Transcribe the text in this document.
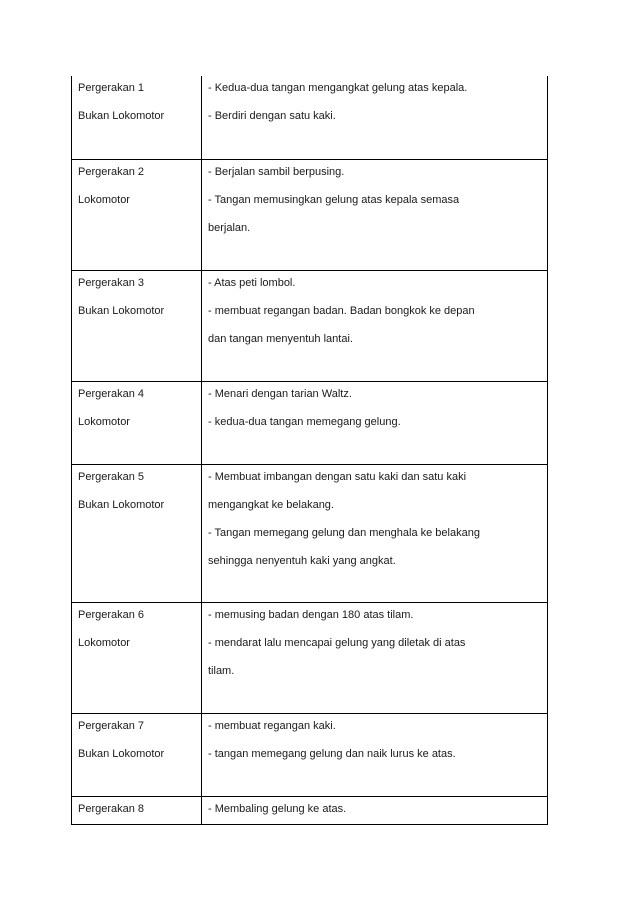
Pergerakan 1
Bukan Lokomotor
- Kedua-dua tangan mengangkat gelung atas kepala.
- Berdiri dengan satu kaki.
Pergerakan 2
Lokomotor
- Berjalan sambil berpusing.
- Tangan memusingkan gelung atas kepala semasa
berjalan.
Pergerakan 3
Bukan Lokomotor
- Atas peti lombol.
- membuat regangan badan. Badan bongkok ke depan
dan tangan menyentuh lantai.
Pergerakan 4
Lokomotor
- Menari dengan tarian Waltz.
- kedua-dua tangan memegang gelung.
Pergerakan 5
Bukan Lokomotor
- Membuat imbangan dengan satu kaki dan satu kaki
mengangkat ke belakang.
- Tangan memegang gelung dan menghala ke belakang
sehingga nenyentuh kaki yang angkat.
Pergerakan 6
Lokomotor
- memusing badan dengan 180 atas tilam.
- mendarat lalu mencapai gelung yang diletak di atas
tilam.
Pergerakan 7
Bukan Lokomotor
- membuat regangan kaki.
- tangan memegang gelung dan naik lurus ke atas.
Pergerakan 8	- Membaling gelung ke atas.
